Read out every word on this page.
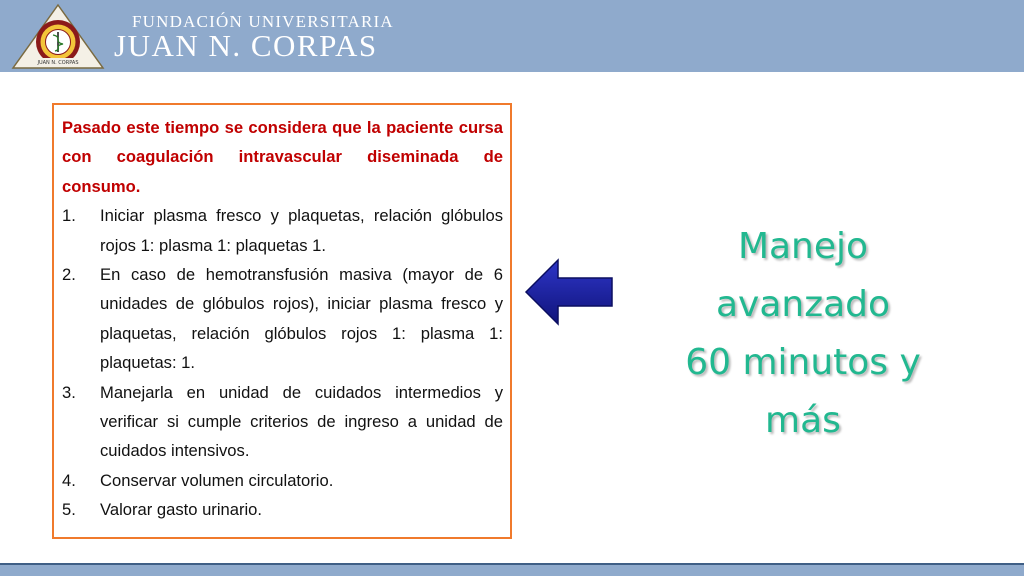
JUAN N. CORPAS
FUNDACIÓN UNIVERSITARIA
JUAN N. CORPAS

Pasado este tiempo se considera que la paciente cursa con coagulación intravascular diseminada de consumo.

1. Iniciar plasma fresco y plaquetas, relación glóbulos rojos 1: plasma 1: plaquetas 1.
2. En caso de hemotransfusión masiva (mayor de 6 unidades de glóbulos rojos), iniciar plasma fresco y plaquetas, relación glóbulos rojos 1: plasma 1: plaquetas: 1.
3. Manejarla en unidad de cuidados intermedios y verificar si cumple criterios de ingreso a unidad de cuidados intensivos.
4. Conservar volumen circulatorio.
5. Valorar gasto urinario.
Manejo
avanzado
60 minutos y
más
